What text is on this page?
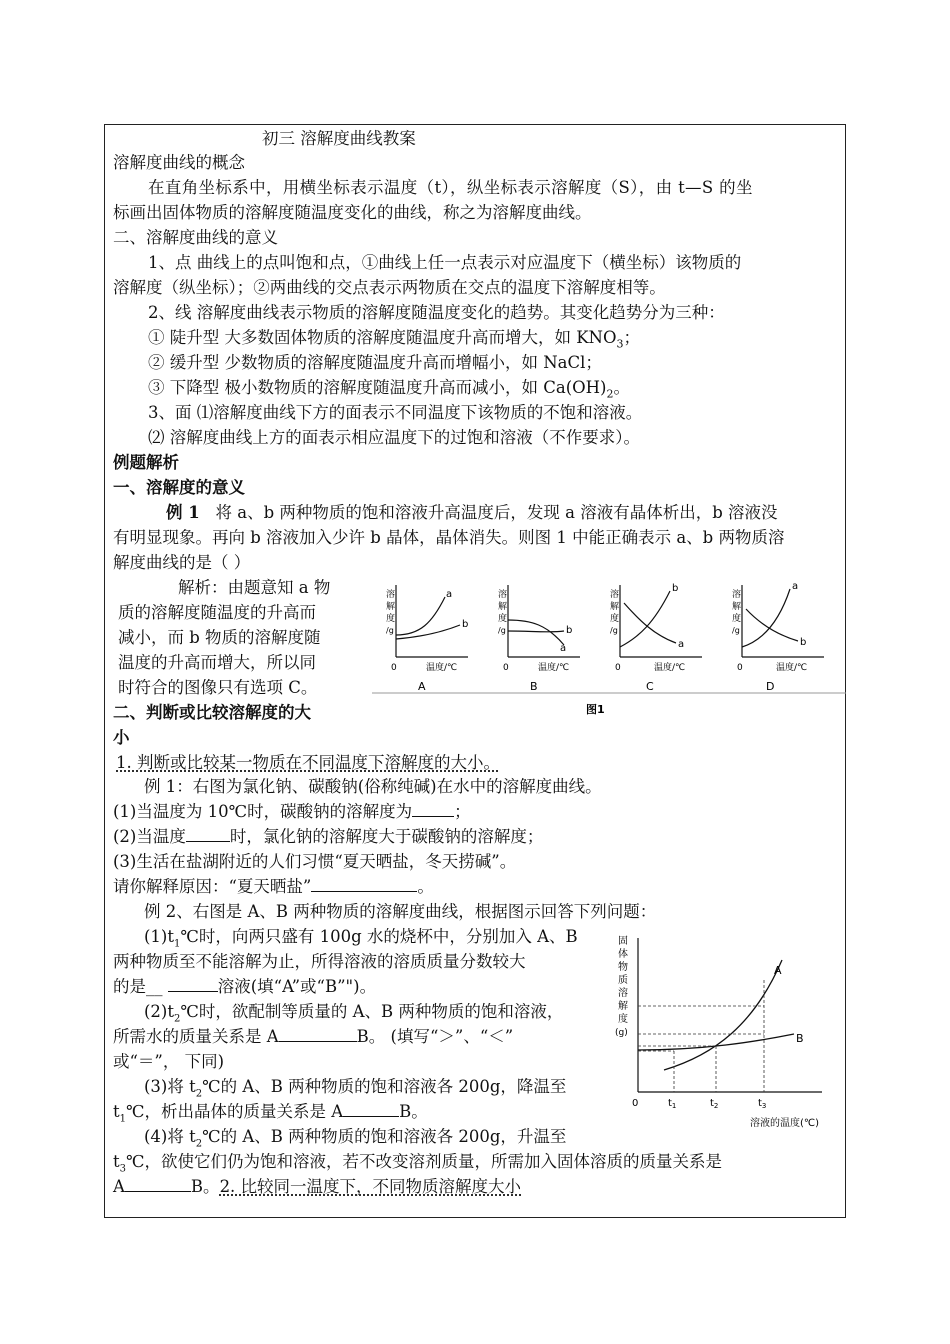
初三 溶解度曲线教案
溶解度曲线的概念
在直角坐标系中，用横坐标表示温度（t），纵坐标表示溶解度（S），由 t—S 的坐
标画出固体物质的溶解度随温度变化的曲线，称之为溶解度曲线。
二、溶解度曲线的意义
1、点 曲线上的点叫饱和点，①曲线上任一点表示对应温度下（横坐标）该物质的
溶解度（纵坐标）；②两曲线的交点表示两物质在交点的温度下溶解度相等。
2、线 溶解度曲线表示物质的溶解度随温度变化的趋势。其变化趋势分为三种：
① 陡升型 大多数固体物质的溶解度随温度升高而增大，如 $KNO_3$；
② 缓升型 少数物质的溶解度随温度升高而增幅小，如 NaCl；
③ 下降型 极小数物质的溶解度随温度升高而减小，如 $Ca(OH)_2$。
3、面 ⑴溶解度曲线下方的面表示不同温度下该物质的不饱和溶液。
⑵ 溶解度曲线上方的面表示相应温度下的过饱和溶液（不作要求）。
例题解析
一、溶解度的意义
例 1 将 a、b 两种物质的饱和溶液升高温度后，发现 a 溶液有晶体析出，b 溶液没
有明显现象。再向 b 溶液加入少许 b 晶体，晶体消失。则图 1 中能正确表示 a、b 两物质溶
解度曲线的是（ ）
解析：由题意知 a 物
质的溶解度随温度的升高而
减小，而 b 物质的溶解度随
温度的升高而增大，所以同
时符合的图像只有选项 C。
溶
解
度
/g
a
b
0	温度/℃
A
溶
解
度
/g
a
b
0	温度/℃
B
溶
解
度
/g
b
a
0	温度/℃
C
溶
解
度
/g
a
b
0	温度/℃
D
图1
二、判断或比较溶解度的大
小
1. 判断或比较某一物质在不同温度下溶解度的大小。
例 1：右图为氯化钠、碳酸钠(俗称纯碱)在水中的溶解度曲线。
(1)当温度为 10℃时，碳酸钠的溶解度为	；
(2)当温度	时，氯化钠的溶解度大于碳酸钠的溶解度；
(3)生活在盐湖附近的人们习惯“夏天晒盐，冬天捞碱”。
请你解释原因：“夏天晒盐”	。
例 2、右图是 A、B 两种物质的溶解度曲线，根据图示回答下列问题：
$(1)t_1℃$时，向两只盛有 100g 水的烧杯中，分别加入 A、B
两种物质至不能溶解为止，所得溶液的溶质质量分数较大
的是__	溶液(填“A”或“B”")。
$(2)t_2℃$时，欲配制等质量的 A、B 两种物质的饱和溶液，
所需水的质量关系是 A	B。 (填写“＞”、“＜”
或“＝”， 下同)
(3)将 $t_2℃$的 A、B 两种物质的饱和溶液各 200g，降温至
$t_1℃$，析出晶体的质量关系是 A	B。
(4)将 $t_2℃$的 A、B 两种物质的饱和溶液各 200g，升温至
$t_3℃$，欲使它们仍为饱和溶液，若不改变溶剂质量，所需加入固体溶质的质量关系是
A	B。2. 比较同一温度下，不同物质溶解度大小
固
体
物
质
溶
解
度
(g)
A
B
0	$t_1$	$t_2$	$t_3$
溶液的温度(℃)
